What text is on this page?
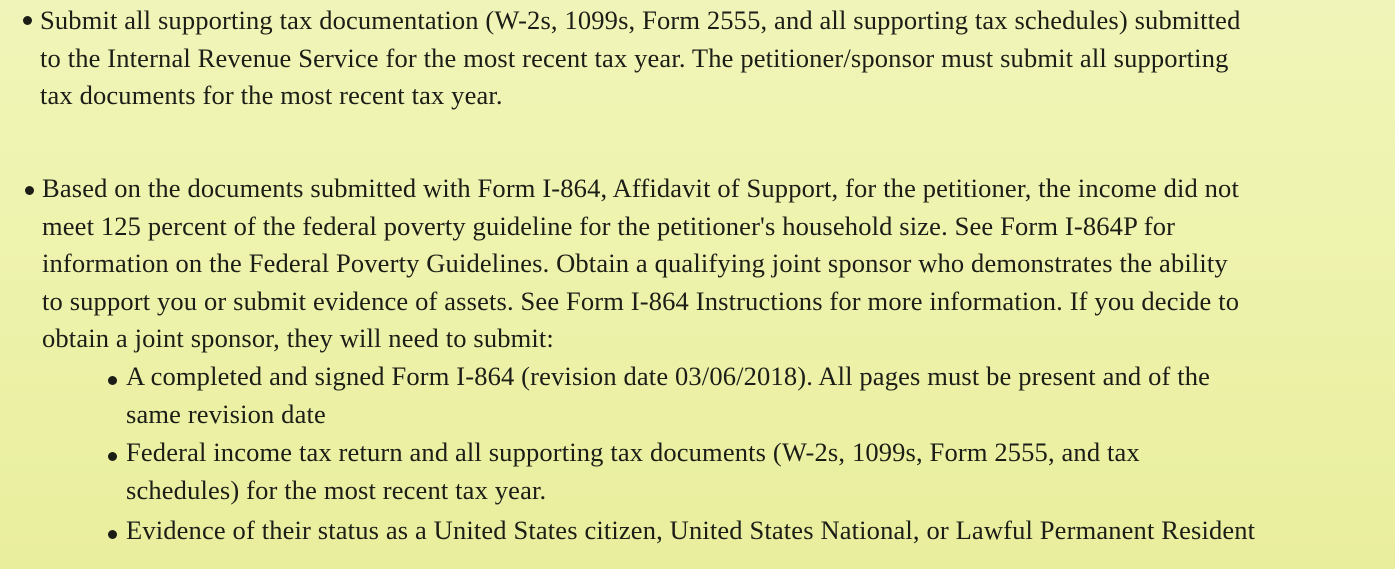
Submit all supporting tax documentation (W-2s, 1099s, Form 2555, and all supporting tax schedules) submitted
to the Internal Revenue Service for the most recent tax year. The petitioner/sponsor must submit all supporting
tax documents for the most recent tax year.
Based on the documents submitted with Form I-864, Affidavit of Support, for the petitioner, the income did not
meet 125 percent of the federal poverty guideline for the petitioner's household size. See Form I-864P for
information on the Federal Poverty Guidelines. Obtain a qualifying joint sponsor who demonstrates the ability
to support you or submit evidence of assets. See Form I-864 Instructions for more information. If you decide to
obtain a joint sponsor, they will need to submit:
A completed and signed Form I-864 (revision date 03/06/2018). All pages must be present and of the
same revision date
Federal income tax return and all supporting tax documents (W-2s, 1099s, Form 2555, and tax
schedules) for the most recent tax year.
Evidence of their status as a United States citizen, United States National, or Lawful Permanent Resident
